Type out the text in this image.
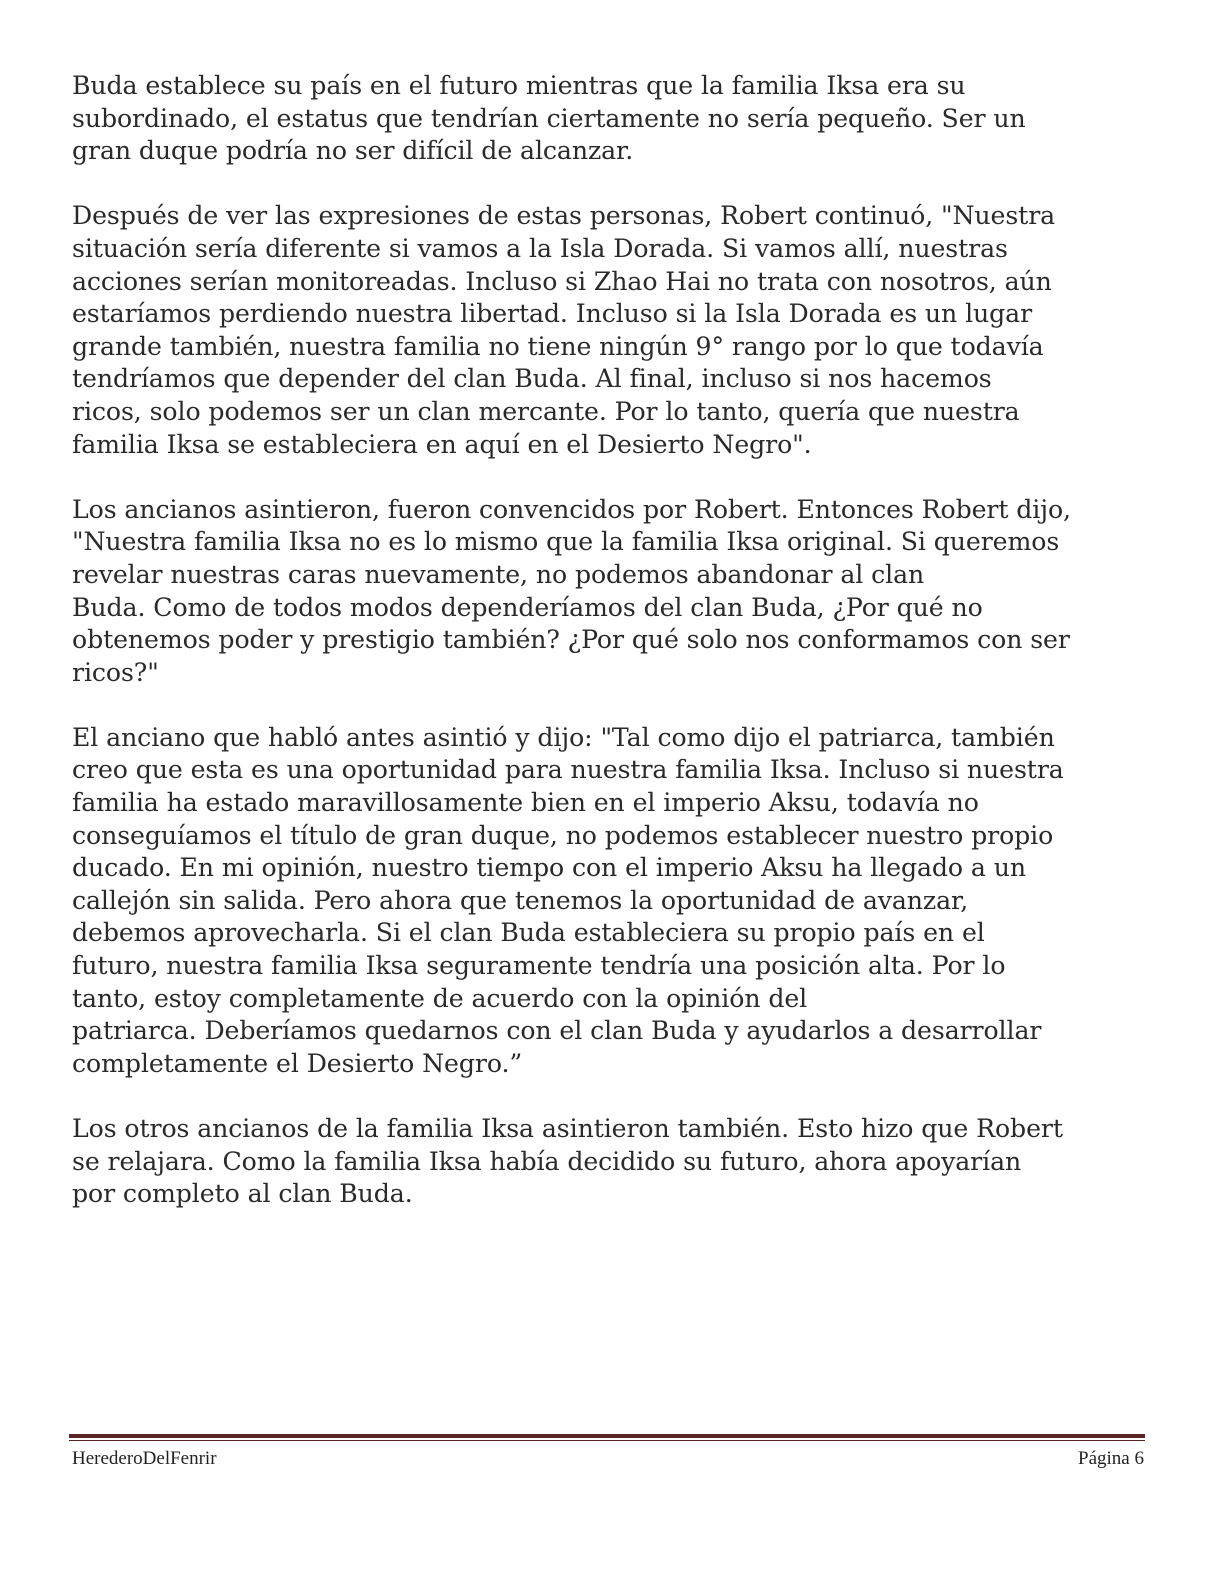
Buda establece su país en el futuro mientras que la familia Iksa era su
subordinado, el estatus que tendrían ciertamente no sería pequeño. Ser un
gran duque podría no ser difícil de alcanzar.

Después de ver las expresiones de estas personas, Robert continuó, "Nuestra
situación sería diferente si vamos a la Isla Dorada. Si vamos allí, nuestras
acciones serían monitoreadas. Incluso si Zhao Hai no trata con nosotros, aún
estaríamos perdiendo nuestra libertad. Incluso si la Isla Dorada es un lugar
grande también, nuestra familia no tiene ningún 9° rango por lo que todavía
tendríamos que depender del clan Buda. Al final, incluso si nos hacemos
ricos, solo podemos ser un clan mercante. Por lo tanto, quería que nuestra
familia Iksa se estableciera en aquí en el Desierto Negro".

Los ancianos asintieron, fueron convencidos por Robert. Entonces Robert dijo,
"Nuestra familia Iksa no es lo mismo que la familia Iksa original. Si queremos
revelar nuestras caras nuevamente, no podemos abandonar al clan
Buda. Como de todos modos dependeríamos del clan Buda, ¿Por qué no
obtenemos poder y prestigio también? ¿Por qué solo nos conformamos con ser
ricos?"

El anciano que habló antes asintió y dijo: "Tal como dijo el patriarca, también
creo que esta es una oportunidad para nuestra familia Iksa. Incluso si nuestra
familia ha estado maravillosamente bien en el imperio Aksu, todavía no
conseguíamos el título de gran duque, no podemos establecer nuestro propio
ducado. En mi opinión, nuestro tiempo con el imperio Aksu ha llegado a un
callejón sin salida. Pero ahora que tenemos la oportunidad de avanzar,
debemos aprovecharla. Si el clan Buda estableciera su propio país en el
futuro, nuestra familia Iksa seguramente tendría una posición alta. Por lo
tanto, estoy completamente de acuerdo con la opinión del
patriarca. Deberíamos quedarnos con el clan Buda y ayudarlos a desarrollar
completamente el Desierto Negro.”

Los otros ancianos de la familia Iksa asintieron también. Esto hizo que Robert
se relajara. Como la familia Iksa había decidido su futuro, ahora apoyarían
por completo al clan Buda.

HerederoDelFenrir	Página 6
